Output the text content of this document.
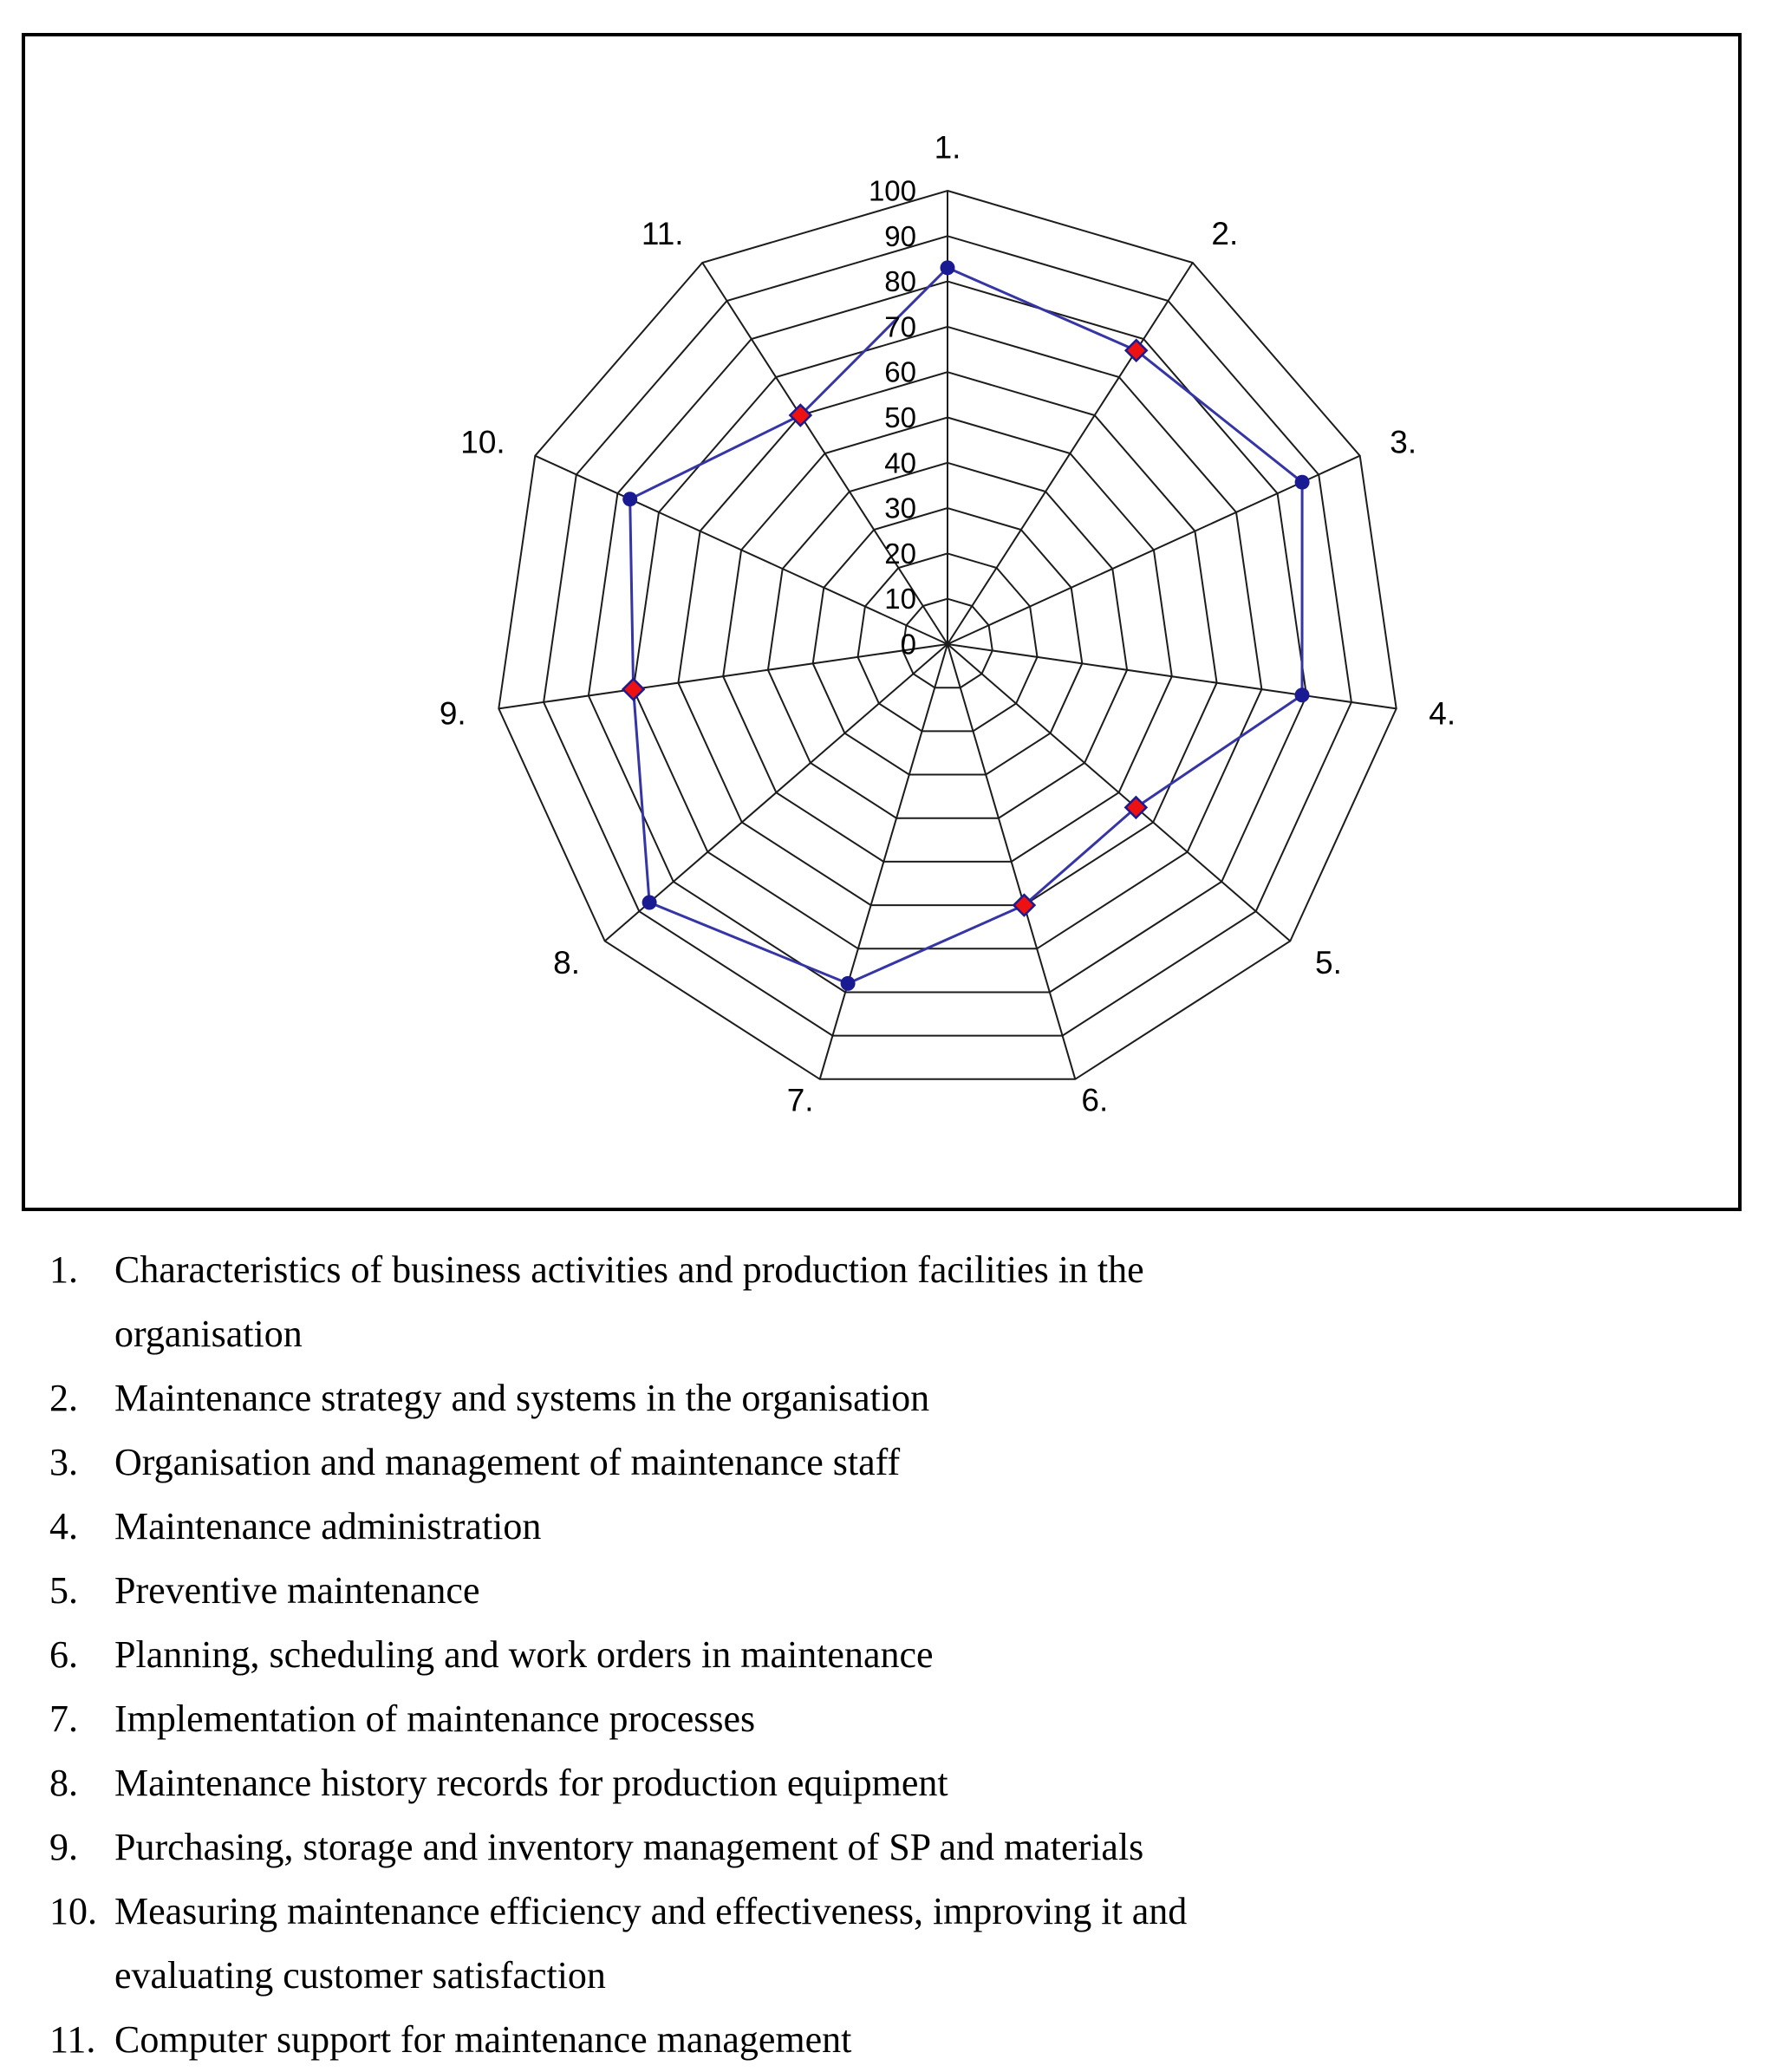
0
10
20
30
40
50
60
70
80
90
100
1.
2.
3.
4.
5.
6.
7.
8.
9.
10.
11.
1. Characteristics of business activities and production facilities in the organisation
2. Maintenance strategy and systems in the organisation
3. Organisation and management of maintenance staff
4. Maintenance administration
5. Preventive maintenance
6. Planning, scheduling and work orders in maintenance
7. Implementation of maintenance processes
8. Maintenance history records for production equipment
9. Purchasing, storage and inventory management of SP and materials
10. Measuring maintenance efficiency and effectiveness, improving it and evaluating customer satisfaction
11. Computer support for maintenance management
